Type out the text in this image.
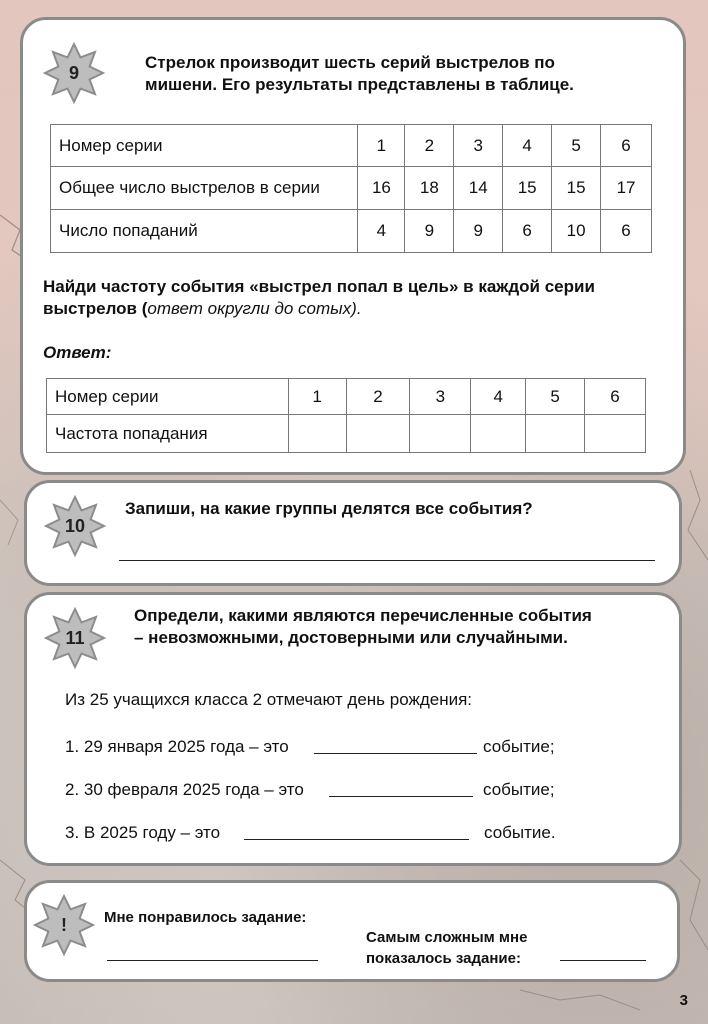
9	Стрелок производит шесть серий выстрелов по
мишени. Его результаты представлены в таблице.
Номер серии	1	2	3	4	5	6
Общее число выстрелов в серии	16	18	14	15	15	17
Число попаданий	4	9	9	6	10	6
Найди частоту события «выстрел попал в цель» в каждой серии
выстрелов (ответ округли до сотых).
Ответ:
Номер серии	1	2	3	4	5	6
Частота попадания						
10
Запиши, на какие группы делятся все события?
11
Определи, какими являются перечисленные события
– невозможными, достоверными или случайными.
Из 25 учащихся класса 2 отмечают день рождения:
1. 29 января 2025 года – это	событие;
2. 30 февраля 2025 года – это	событие;
3. В 2025 году – это	событие.
!	Мне понравилось задание:
Самым сложным мне
показалось задание:
3
